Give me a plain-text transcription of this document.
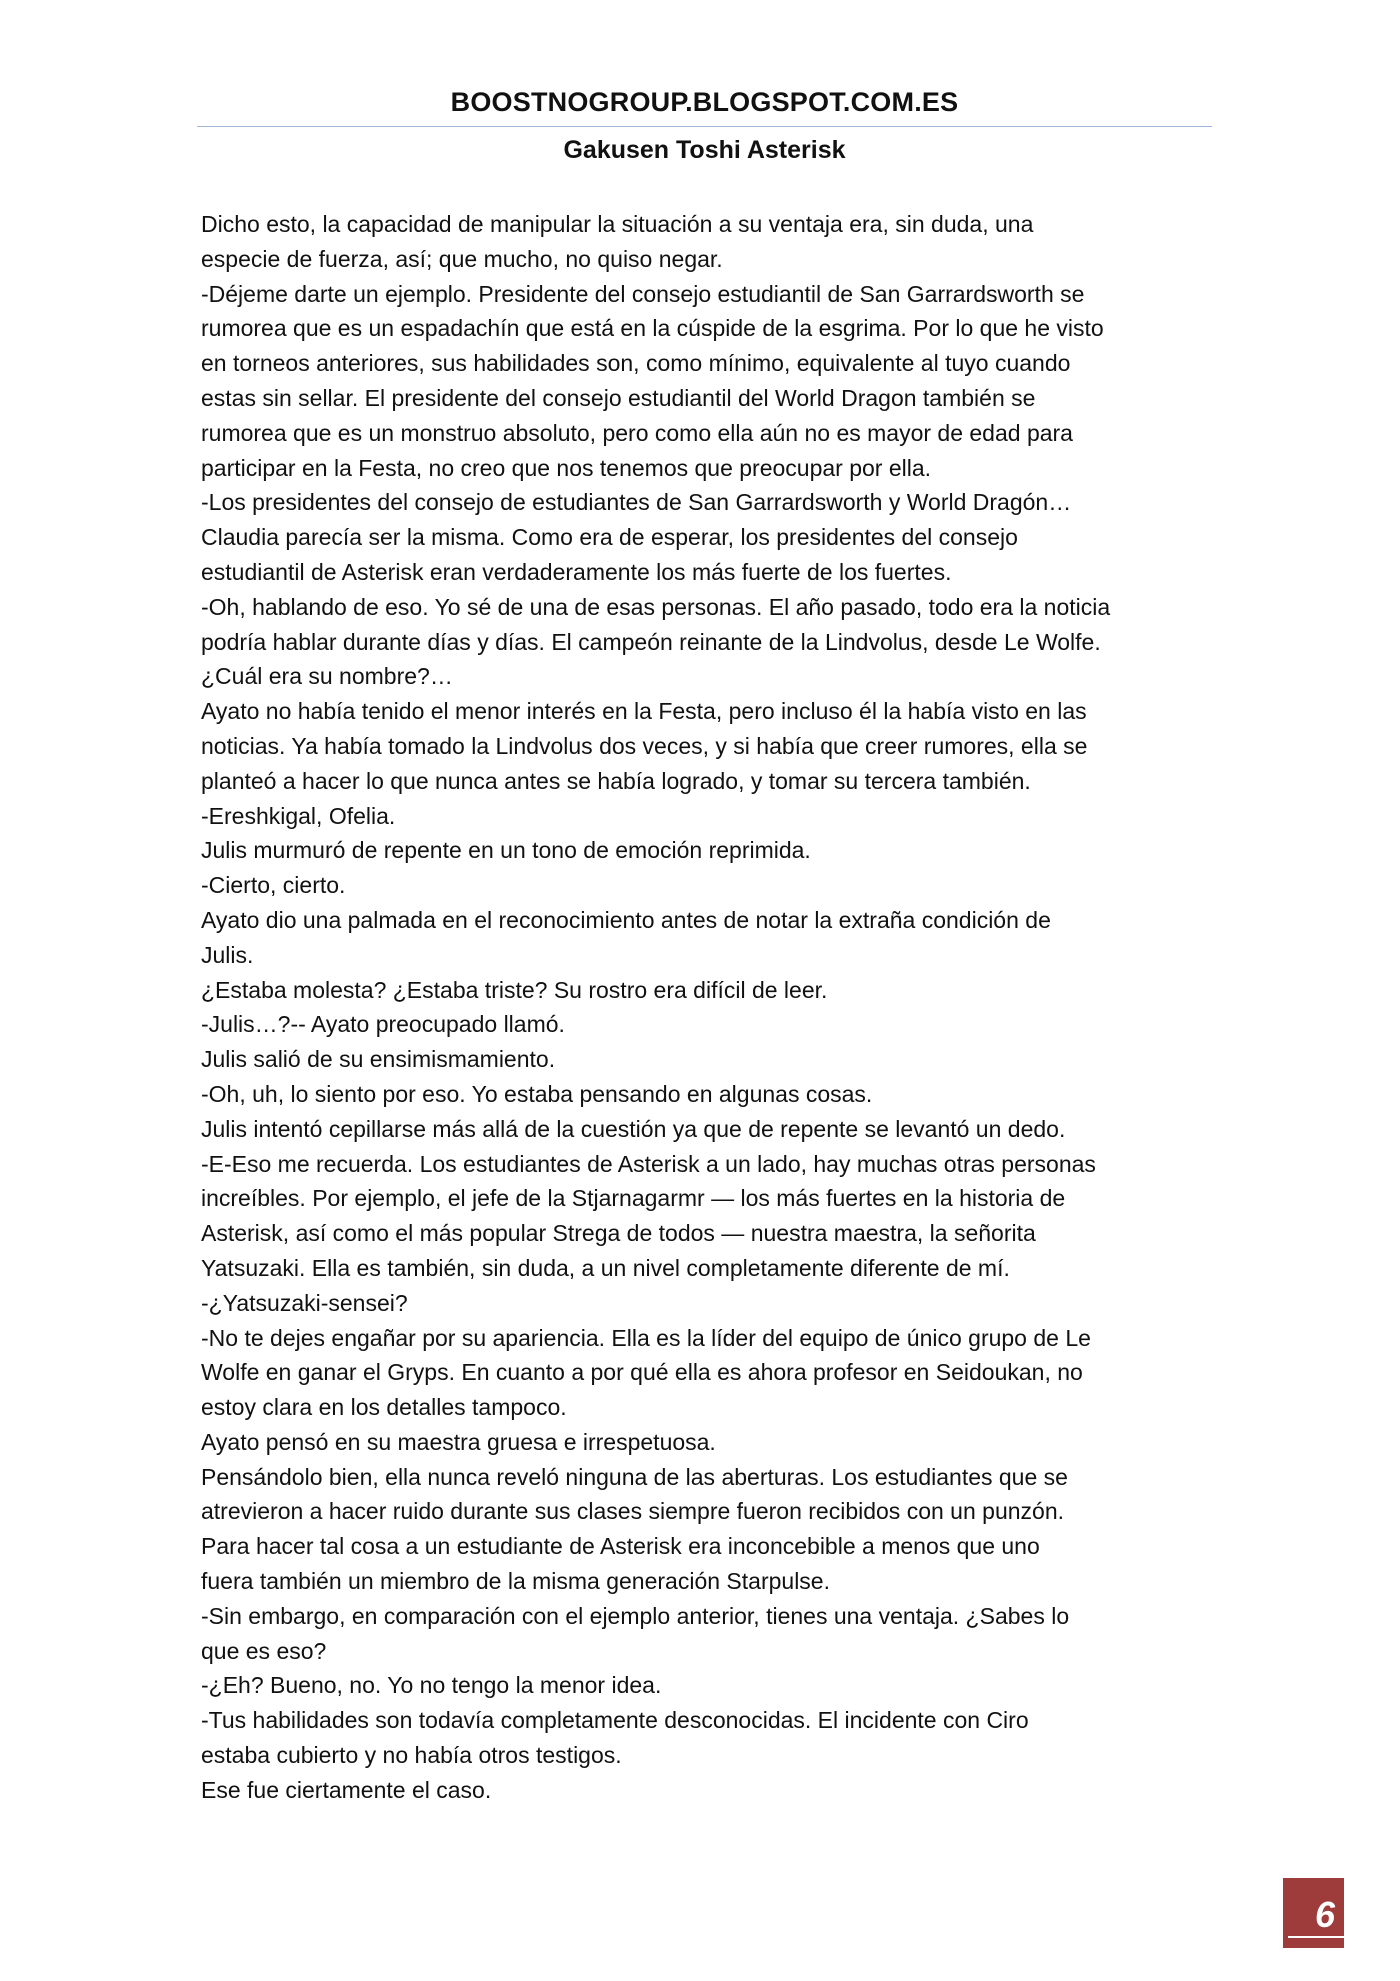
BOOSTNOGROUP.BLOGSPOT.COM.ES
Gakusen Toshi Asterisk
Dicho esto, la capacidad de manipular la situación a su ventaja era, sin duda, una
especie de fuerza, así; que mucho, no quiso negar.
-Déjeme darte un ejemplo. Presidente del consejo estudiantil de San Garrardsworth se
rumorea que es un espadachín que está en la cúspide de la esgrima. Por lo que he visto
en torneos anteriores, sus habilidades son, como mínimo, equivalente al tuyo cuando
estas sin sellar. El presidente del consejo estudiantil del World Dragon también se
rumorea que es un monstruo absoluto, pero como ella aún no es mayor de edad para
participar en la Festa, no creo que nos tenemos que preocupar por ella.
-Los presidentes del consejo de estudiantes de San Garrardsworth y World Dragón…
Claudia parecía ser la misma. Como era de esperar, los presidentes del consejo
estudiantil de Asterisk eran verdaderamente los más fuerte de los fuertes.
-Oh, hablando de eso. Yo sé de una de esas personas. El año pasado, todo era la noticia
podría hablar durante días y días. El campeón reinante de la Lindvolus, desde Le Wolfe.
¿Cuál era su nombre?…
Ayato no había tenido el menor interés en la Festa, pero incluso él la había visto en las
noticias. Ya había tomado la Lindvolus dos veces, y si había que creer rumores, ella se
planteó a hacer lo que nunca antes se había logrado, y tomar su tercera también.
-Ereshkigal, Ofelia.
Julis murmuró de repente en un tono de emoción reprimida.
-Cierto, cierto.
Ayato dio una palmada en el reconocimiento antes de notar la extraña condición de
Julis.
¿Estaba molesta? ¿Estaba triste? Su rostro era difícil de leer.
-Julis…?-- Ayato preocupado llamó.
Julis salió de su ensimismamiento.
-Oh, uh, lo siento por eso. Yo estaba pensando en algunas cosas.
Julis intentó cepillarse más allá de la cuestión ya que de repente se levantó un dedo.
-E-Eso me recuerda. Los estudiantes de Asterisk a un lado, hay muchas otras personas
increíbles. Por ejemplo, el jefe de la Stjarnagarmr — los más fuertes en la historia de
Asterisk, así como el más popular Strega de todos — nuestra maestra, la señorita
Yatsuzaki. Ella es también, sin duda, a un nivel completamente diferente de mí.
-¿Yatsuzaki-sensei?
-No te dejes engañar por su apariencia. Ella es la líder del equipo de único grupo de Le
Wolfe en ganar el Gryps. En cuanto a por qué ella es ahora profesor en Seidoukan, no
estoy clara en los detalles tampoco.
Ayato pensó en su maestra gruesa e irrespetuosa.
Pensándolo bien, ella nunca reveló ninguna de las aberturas. Los estudiantes que se
atrevieron a hacer ruido durante sus clases siempre fueron recibidos con un punzón.
Para hacer tal cosa a un estudiante de Asterisk era inconcebible a menos que uno
fuera también un miembro de la misma generación Starpulse.
-Sin embargo, en comparación con el ejemplo anterior, tienes una ventaja. ¿Sabes lo
que es eso?
-¿Eh? Bueno, no. Yo no tengo la menor idea.
-Tus habilidades son todavía completamente desconocidas. El incidente con Ciro
estaba cubierto y no había otros testigos.
Ese fue ciertamente el caso.
6
